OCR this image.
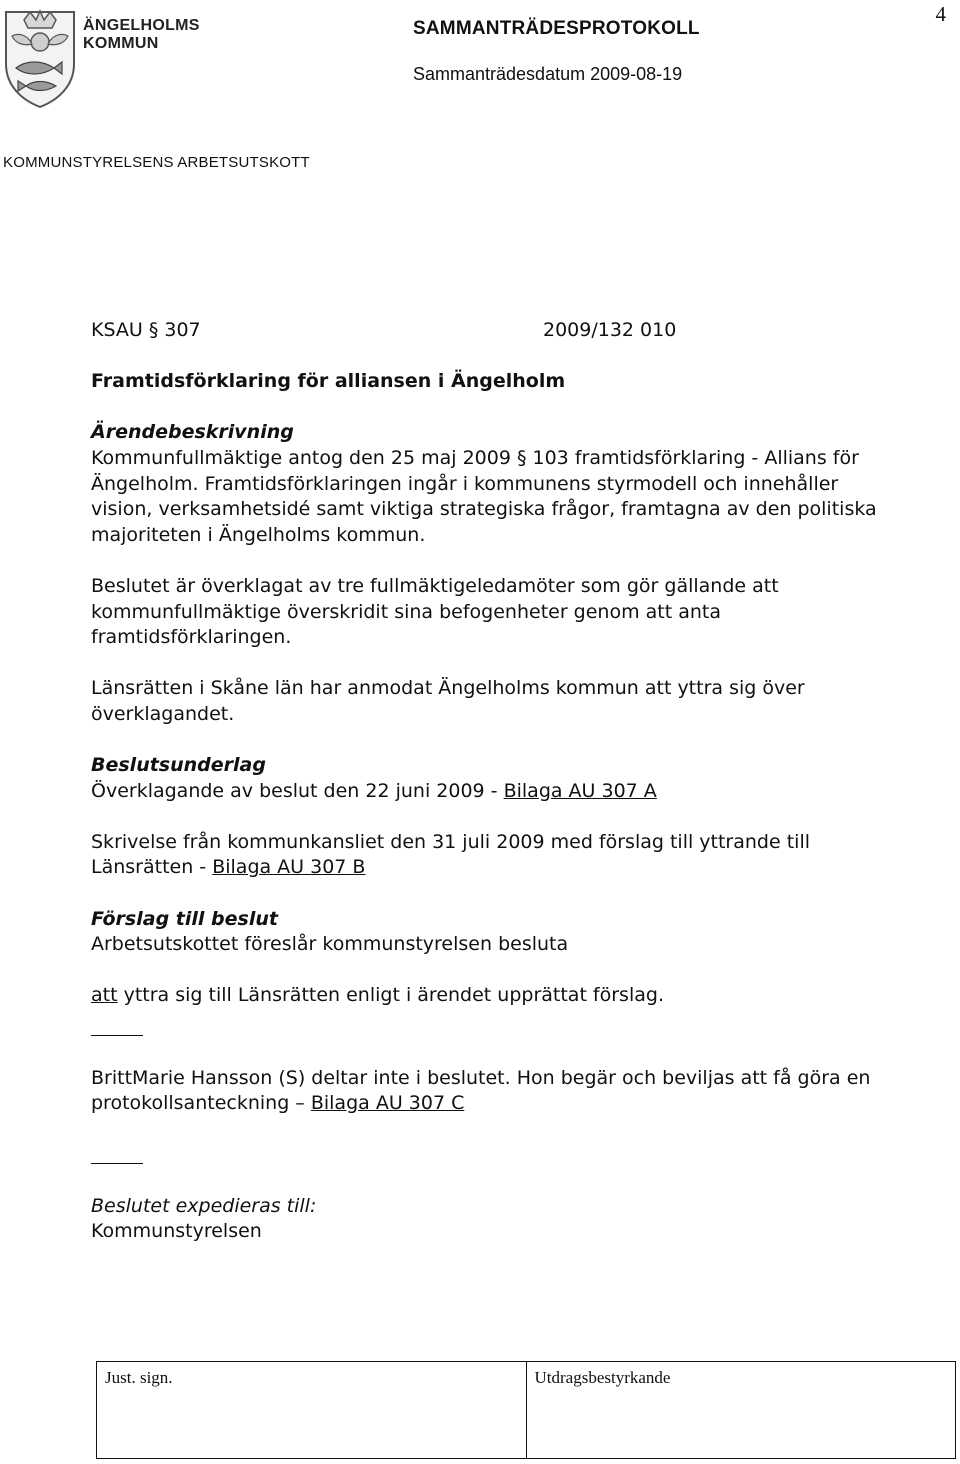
4
ÄNGELHOLMS
KOMMUN
SAMMANTRÄDESPROTOKOLL
Sammanträdesdatum 2009-08-19
KOMMUNSTYRELSENS ARBETSUTSKOTT

KSAU § 307	2009/132 010

Framtidsförklaring för alliansen i Ängelholm

Ärendebeskrivning

Kommunfullmäktige antog den 25 maj 2009 § 103 framtidsförklaring - Allians för Ängelholm. Framtidsförklaringen ingår i kommunens styrmodell och innehåller vision, verksamhetsidé samt viktiga strategiska frågor, framtagna av den politiska majoriteten i Ängelholms kommun.

Beslutet är överklagat av tre fullmäktigeledamöter som gör gällande att kommunfullmäktige överskridit sina befogenheter genom att anta framtidsförklaringen.

Länsrätten i Skåne län har anmodat Ängelholms kommun att yttra sig över överklagandet.

Beslutsunderlag

Överklagande av beslut den 22 juni 2009 - Bilaga AU 307 A

Skrivelse från kommunkansliet den 31 juli 2009 med förslag till yttrande till Länsrätten - Bilaga AU 307 B

Förslag till beslut

Arbetsutskottet föreslår kommunstyrelsen besluta

att yttra sig till Länsrätten enligt i ärendet upprättat förslag.

BrittMarie Hansson (S) deltar inte i beslutet. Hon begär och beviljas att få göra en protokollsanteckning – Bilaga AU 307 C

Beslutet expedieras till:

Kommunstyrelsen

Just. sign.	Utdragsbestyrkande
